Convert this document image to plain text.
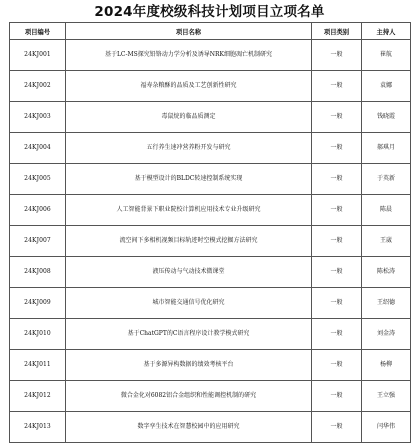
2024年度校级科技计划项目立项名单
项目编号	项目名称	项目类别	主持人
24KJ001	基于LC-MS探究铅铬动力学分析及诱导NRK细胞凋亡机制研究	一般	崔航
24KJ002	福寿杂粮酥的品质及工艺创新性研究	一般	袁娜
24KJ003	毒鼠烷的临品质测定	一般	钱晓霞
24KJ004	五行养生速冲营养粉开发与研究	一般	郝琪月
24KJ005	基于模型设计的BLDC转速控制系统实现	一般	于英新
24KJ006	人工智能背景下职业院校计算机应用技术专业升级研究	一般	陈晨
24KJ007	流空间下多相机视频目标轨迹时空模式挖掘方法研究	一般	王崴
24KJ008	液压传动与气动技术微课堂	一般	陈松涛
24KJ009	城市智能交通信号优化研究	一般	王绍德
24KJ010	基于ChatGPT的C语言程序设计教学模式研究	一般	刘金涛
24KJ011	基于多源异构数据的绩效考核平台	一般	杨柳
24KJ012	微合金化对6082铝合金组织和性能调控机制的研究	一般	王立强
24KJ013	数字孪生技术在智慧校园中的应用研究	一般	闫华伟
